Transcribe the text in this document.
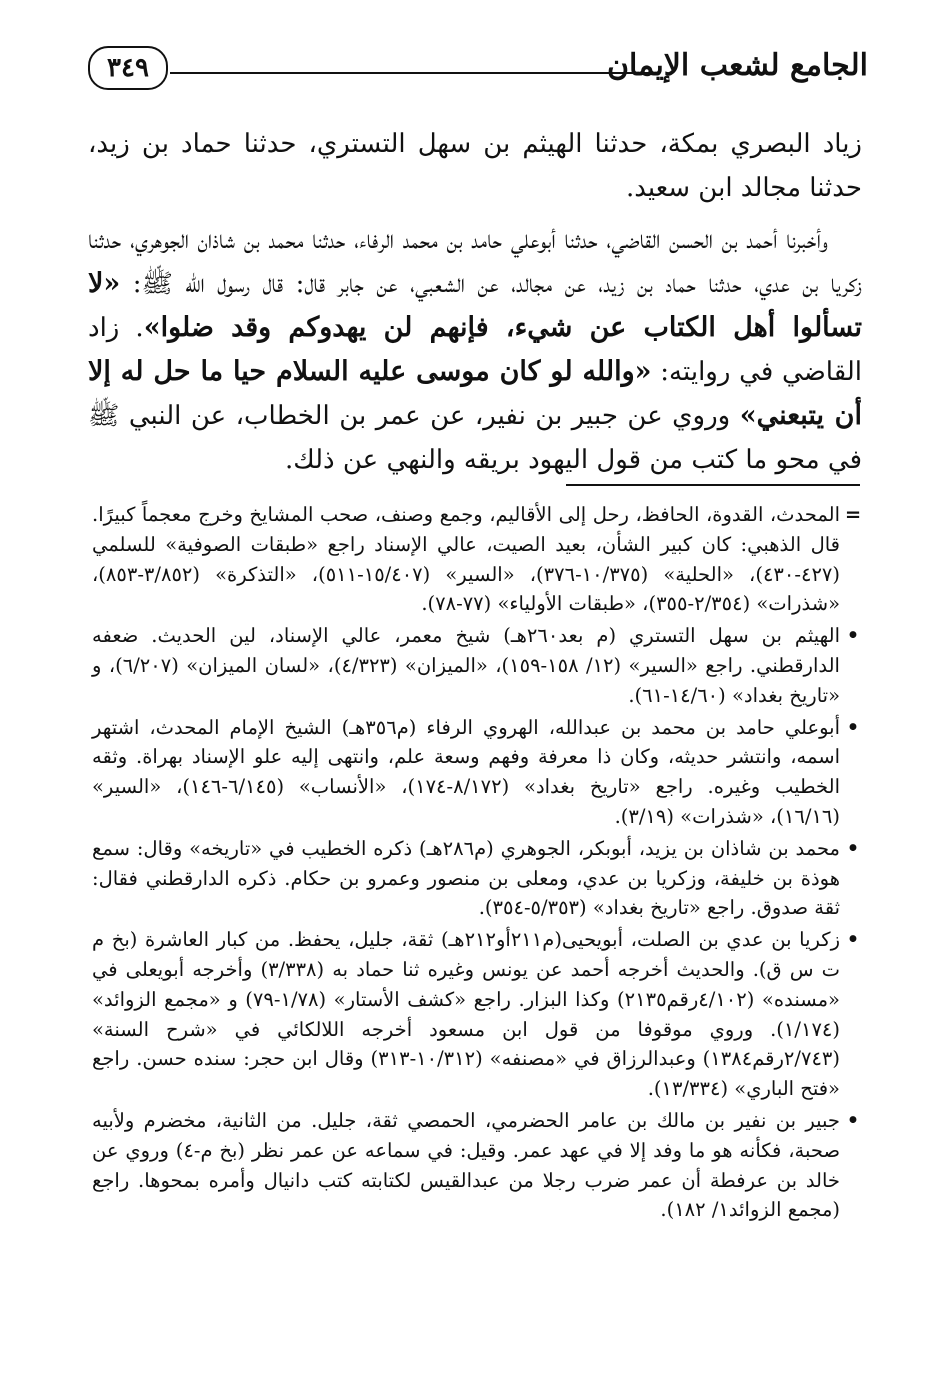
الجامع لشعب الإيمان
٣٤٩

زياد البصري بمكة، حدثنا الهيثم بن سهل التستري، حدثنا حماد بن زيد، حدثنا مجالد ابن سعيد.

وأخبرنا أحمد بن الحسن القاضي، حدثنا أبوعلي حامد بن محمد الرفاء، حدثنا محمد بن شاذان الجوهري، حدثنا زكريا بن عدي، حدثنا حماد بن زيد، عن مجالد، عن الشعبي، عن جابر قال: قال رسول الله ﷺ: «لا تسألوا أهل الكتاب عن شيء، فإنهم لن يهدوكم وقد ضلوا». زاد القاضي في روايته: «والله لو كان موسى عليه السلام حيا ما حل له إلا أن يتبعني» وروي عن جبير بن نفير، عن عمر بن الخطاب، عن النبي ﷺ في محو ما كتب من قول اليهود بريقه والنهي عن ذلك.

=
المحدث، القدوة، الحافظ، رحل إلى الأقاليم، وجمع وصنف، صحب المشايخ وخرج معجماً كبيرًا. قال الذهبي: كان كبير الشأن، بعيد الصيت، عالي الإسناد راجع «طبقات الصوفية» للسلمي (٤٢٧-٤٣٠)، «الحلية» (١٠/٣٧٥-٣٧٦)، «السير» (١٥/٤٠٧-٥١١)، «التذكرة» (٣/٨٥٢-٨٥٣)، «شذرات» (٢/٣٥٤-٣٥٥)، «طبقات الأولياء» (٧٧-٧٨).

•
الهيثم بن سهل التستري (م بعد٢٦٠هـ) شيخ معمر، عالي الإسناد، لين الحديث. ضعفه الدارقطني. راجع «السير» (١٢/ ١٥٨-١٥٩)، «الميزان» (٤/٣٢٣)، «لسان الميزان» (٦/٢٠٧)، و «تاريخ بغداد» (١٤/٦٠-٦١).

•
أبوعلي حامد بن محمد بن عبدالله، الهروي الرفاء (م٣٥٦هـ) الشيخ الإمام المحدث، اشتهر اسمه، وانتشر حديثه، وكان ذا معرفة وفهم وسعة علم، وانتهى إليه علو الإسناد بهراة. وثقه الخطيب وغيره. راجع «تاريخ بغداد» (٨/١٧٢-١٧٤)، «الأنساب» (٦/١٤٥-١٤٦)، «السير» (١٦/١٦)، «شذرات» (٣/١٩).

•
محمد بن شاذان بن يزيد، أبوبكر، الجوهري (م٢٨٦هـ) ذكره الخطيب في «تاريخه» وقال: سمع هوذة بن خليفة، وزكريا بن عدي، ومعلى بن منصور وعمرو بن حكام. ذكره الدارقطني فقال: ثقة صدوق. راجع «تاريخ بغداد» (٥/٣٥٣-٣٥٤).

•
زكريا بن عدي بن الصلت، أبويحيى(م٢١١أو٢١٢هـ) ثقة، جليل، يحفظ. من كبار العاشرة (بخ م ت س ق). والحديث أخرجه أحمد عن يونس وغيره ثنا حماد به (٣/٣٣٨) وأخرجه أبويعلى في «مسنده» (٤/١٠٢رقم٢١٣٥) وكذا البزار. راجع «كشف الأستار» (١/٧٨-٧٩) و «مجمع الزوائد» (١/١٧٤). وروي موقوفا من قول ابن مسعود أخرجه اللالكائي في «شرح السنة» (٢/٧٤٣رقم١٣٨٤) وعبدالرزاق في «مصنفه» (١٠/٣١٢-٣١٣) وقال ابن حجر: سنده حسن. راجع «فتح الباري» (١٣/٣٣٤).

•
جبير بن نفير بن مالك بن عامر الحضرمي، الحمصي ثقة، جليل. من الثانية، مخضرم ولأبيه صحبة، فكأنه هو ما وفد إلا في عهد عمر. وقيل: في سماعه عن عمر نظر (بخ م-٤) وروي عن خالد بن عرفطة أن عمر ضرب رجلا من عبدالقيس لكتابته كتب دانيال وأمره بمحوها. راجع (مجمع الزوائد١/ ١٨٢).
